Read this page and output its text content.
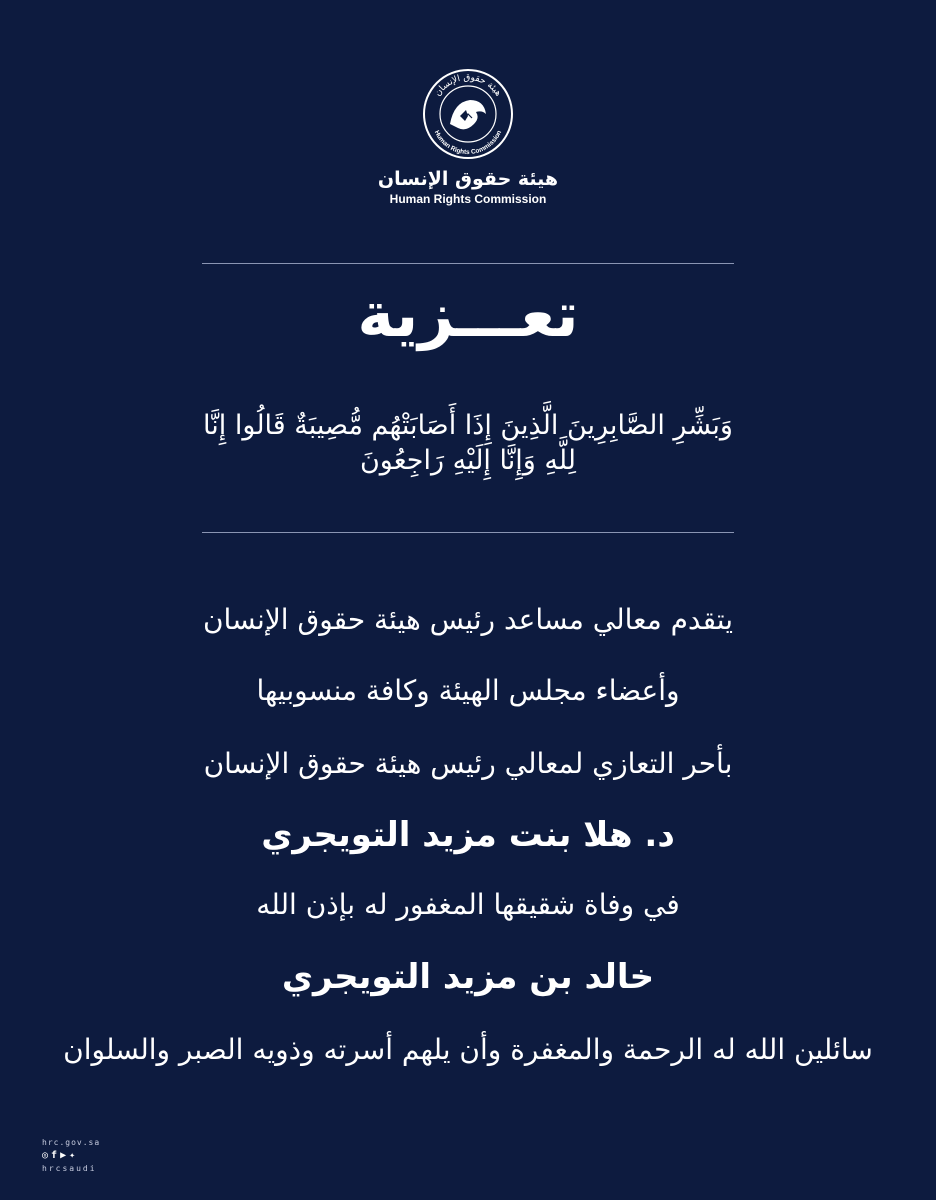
هيئة حقوق الإنسان
Human Rights Commission
هيئة حقوق الإنسان
Human Rights Commission
تعـــزية
وَبَشِّرِ الصَّابِرِينَ الَّذِينَ إِذَا أَصَابَتْهُم مُّصِيبَةٌ قَالُوا إِنَّا لِلَّهِ وَإِنَّا إِلَيْهِ رَاجِعُونَ
يتقدم معالي مساعد رئيس هيئة حقوق الإنسان
وأعضاء مجلس الهيئة وكافة منسوبيها
بأحر التعازي لمعالي رئيس هيئة حقوق الإنسان
د. هلا بنت مزيد التويجري
في وفاة شقيقها المغفور له بإذن الله
خالد بن مزيد التويجري
سائلين الله له الرحمة والمغفرة وأن يلهم أسرته وذويه الصبر والسلوان
hrc.gov.sa
◎ f ▶ ✦
hrcsaudi
